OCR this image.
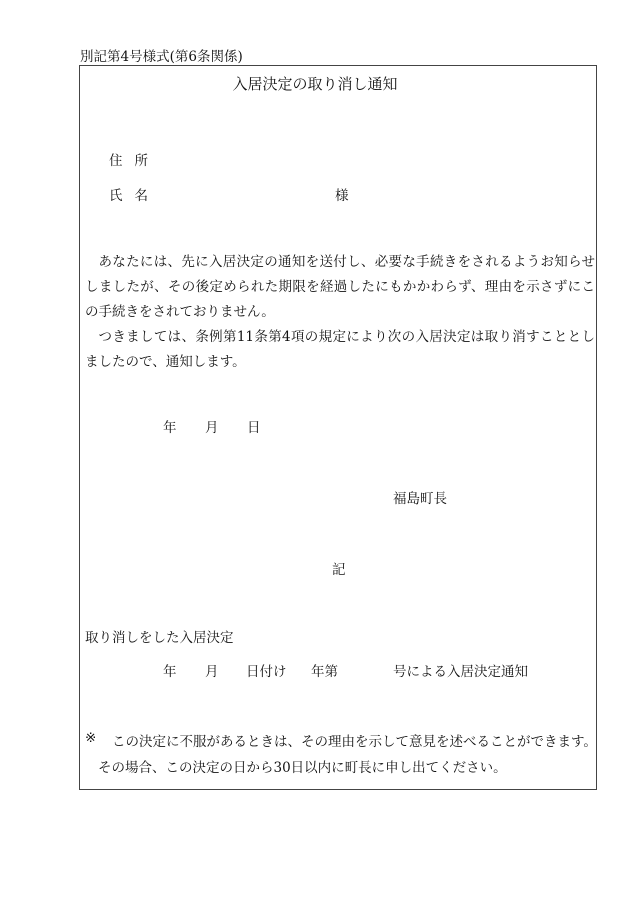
別記第4号様式(第6条関係)
入居決定の取り消し通知
住所
氏名	様

あなたには、先に入居決定の通知を送付し、必要な手続きをされるようお知らせしましたが、その後定められた期限を経過したにもかかわらず、理由を示さずにこの手続きをされておりません。

つきましては、条例第11条第4項の規定により次の入居決定は取り消すこととしましたので、通知します。

年 月 日
福島町長
記
取り消しをした入居決定
年 月 日付け 年第	号による入居決定通知
※ この決定に不服があるときは、その理由を示して意見を述べることができます。
その場合、この決定の日から30日以内に町長に申し出てください。
